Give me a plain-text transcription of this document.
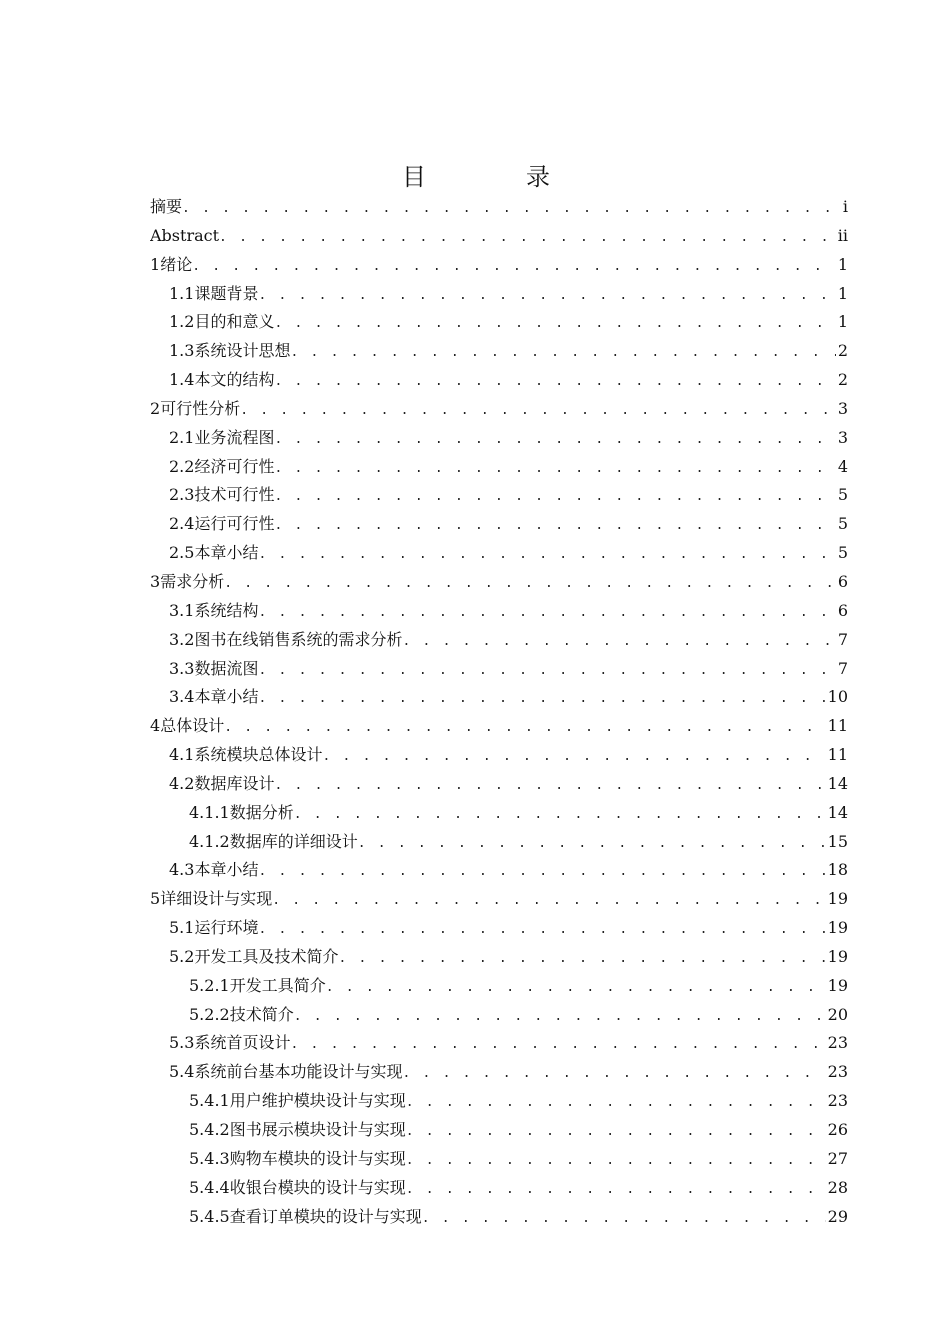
目　录
摘要 . . .	i
Abstract . . .	ii
1 绪论 . . .	1
1.1 课题背景 . . .	1
1.2 目的和意义 . . .	1
1.3 系统设计思想 . . .	2
1.4 本文的结构 . . .	2
2 可行性分析 . . .	3
2.1 业务流程图 . . .	3
2.2 经济可行性 . . .	4
2.3 技术可行性 . . .	5
2.4 运行可行性 . . .	5
2.5 本章小结 . . .	5
3 需求分析 . . .	6
3.1 系统结构 . . .	6
3.2 图书在线销售系统的需求分析 . . .	7
3.3 数据流图 . . .	7
3.4 本章小结 . . .	10
4 总体设计 . . .	11
4.1 系统模块总体设计 . . .	11
4.2 数据库设计 . . .	14
4.1.1 数据分析 . . .	14
4.1.2 数据库的详细设计 . . .	15
4.3 本章小结 . . .	18
5 详细设计与实现 . . .	19
5.1 运行环境 . . .	19
5.2 开发工具及技术简介 . . .	19
5.2.1 开发工具简介 . . .	19
5.2.2 技术简介 . . .	20
5.3 系统首页设计 . . .	23
5.4 系统前台基本功能设计与实现 . . .	23
5.4.1 用户维护模块设计与实现 . . .	23
5.4.2 图书展示模块设计与实现 . . .	26
5.4.3 购物车模块的设计与实现 . . .	27
5.4.4 收银台模块的设计与实现 . . .	28
5.4.5 查看订单模块的设计与实现 . . .	29
